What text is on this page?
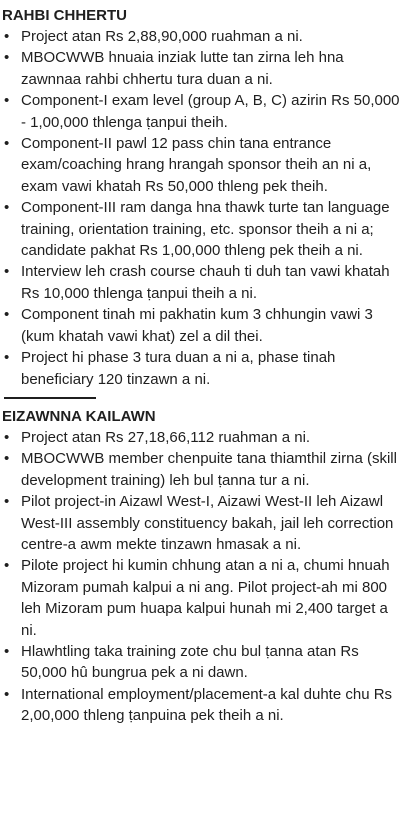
RAHBI CHHERTU
• Project atan Rs 2,88,90,000 ruahman a ni.
• MBOCWWB hnuaia inziak lutte tan zirna leh hna zawnnaa rahbi chhertu tura duan a ni.
• Component-I exam level (group A, B, C) azirin Rs 50,000 - 1,00,000 thlenga ṭanpui theih.
• Component-II pawl 12 pass chin tana entrance exam/coaching hrang hrangah sponsor theih an ni a, exam vawi khatah Rs 50,000 thleng pek theih.
• Component-III ram danga hna thawk turte tan language training, orientation training, etc. sponsor theih a ni a; candidate pakhat Rs 1,00,000 thleng pek theih a ni.
• Interview leh crash course chauh ti duh tan vawi khatah Rs 10,000 thlenga ṭanpui theih a ni.
• Component tinah mi pakhatin kum 3 chhungin vawi 3 (kum khatah vawi khat) zel a dil thei.
• Project hi phase 3 tura duan a ni a, phase tinah beneficiary 120 tinzawn a ni.
EIZAWNNA KAILAWN
• Project atan Rs 27,18,66,112 ruahman a ni.
• MBOCWWB member chenpuite tana thiamthil zirna (skill development training) leh bul ṭanna tur a ni.
• Pilot project-in Aizawl West-I, Aizawi West-II leh Aizawl West-III assembly constituency bakah, jail leh correction centre-a awm mekte tinzawn hmasak a ni.
• Pilote project hi kumin chhung atan a ni a, chumi hnuah Mizoram pumah kalpui a ni ang. Pilot project-ah mi 800 leh Mizoram pum huapa kalpui hunah mi 2,400 target a ni.
• Hlawhtling taka training zote chu bul ṭanna atan Rs 50,000 hû bungrua pek a ni dawn.
• International employment/placement-a kal duhte chu Rs 2,00,000 thleng ṭanpuina pek theih a ni.
